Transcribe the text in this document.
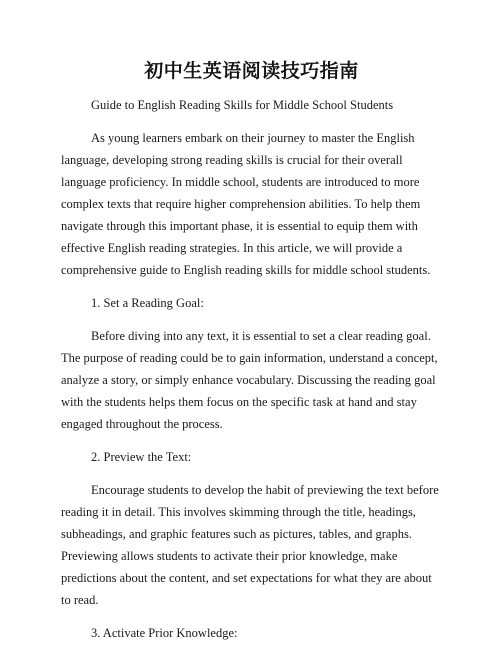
初中生英语阅读技巧指南

Guide to English Reading Skills for Middle School Students

As young learners embark on their journey to master the English language, developing strong reading skills is crucial for their overall language proficiency. In middle school, students are introduced to more complex texts that require higher comprehension abilities. To help them navigate through this important phase, it is essential to equip them with effective English reading strategies. In this article, we will provide a comprehensive guide to English reading skills for middle school students.

1. Set a Reading Goal:

Before diving into any text, it is essential to set a clear reading goal. The purpose of reading could be to gain information, understand a concept, analyze a story, or simply enhance vocabulary. Discussing the reading goal with the students helps them focus on the specific task at hand and stay engaged throughout the process.

2. Preview the Text:

Encourage students to develop the habit of previewing the text before reading it in detail. This involves skimming through the title, headings, subheadings, and graphic features such as pictures, tables, and graphs. Previewing allows students to activate their prior knowledge, make predictions about the content, and set expectations for what they are about to read.

3. Activate Prior Knowledge:
